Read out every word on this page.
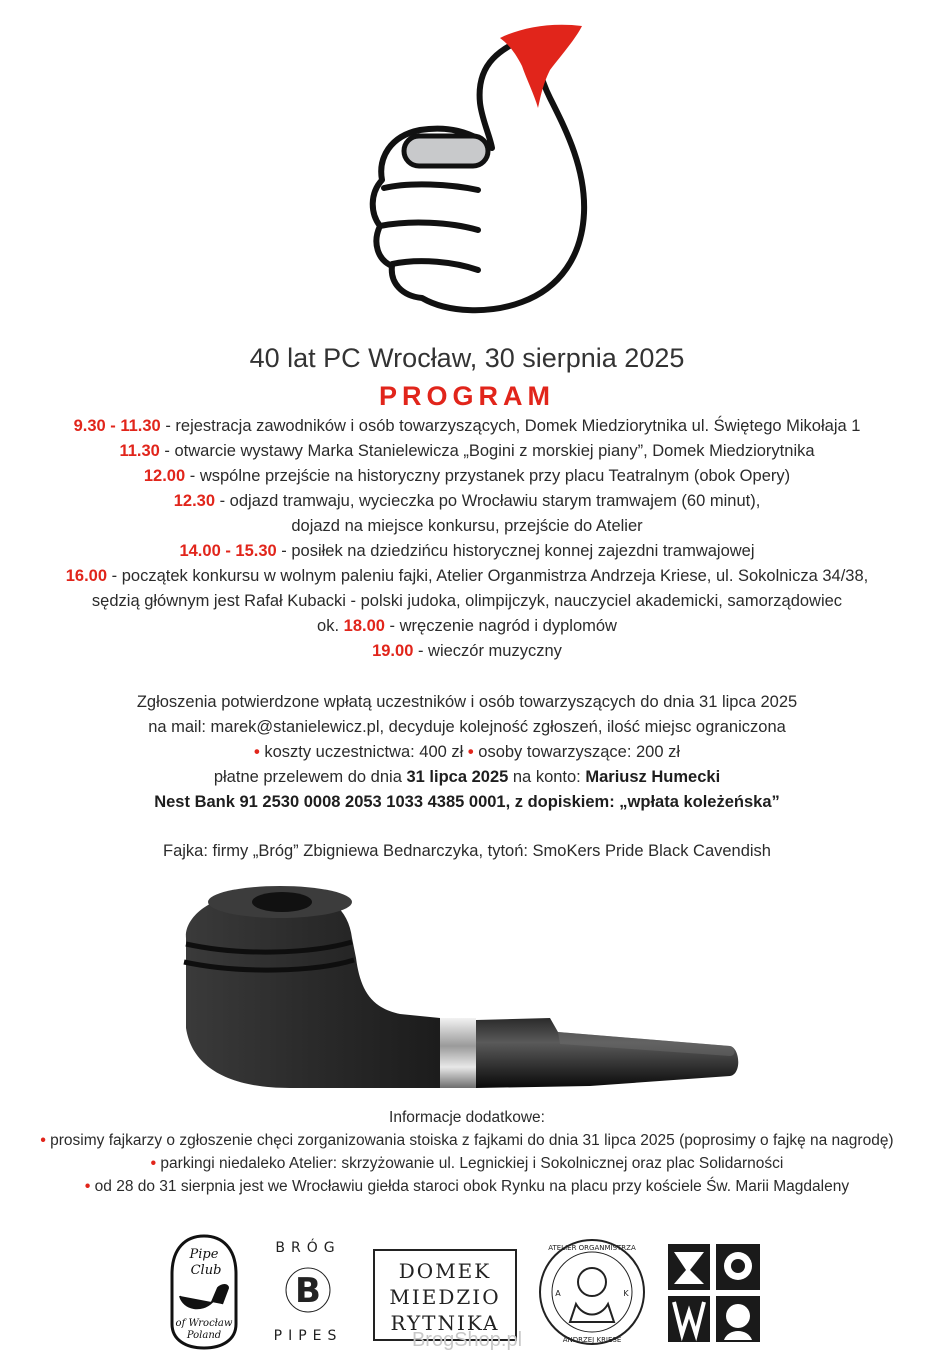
40 lat PC Wrocław, 30 sierpnia 2025
PROGRAM
9.30 - 11.30 - rejestracja zawodników i osób towarzyszących, Domek Miedziorytnika ul. Świętego Mikołaja 1
11.30 - otwarcie wystawy Marka Stanielewicza „Bogini z morskiej piany”, Domek Miedziorytnika
12.00 - wspólne przejście na historyczny przystanek przy placu Teatralnym (obok Opery)
12.30 - odjazd tramwaju, wycieczka po Wrocławiu starym tramwajem (60 minut),
dojazd na miejsce konkursu, przejście do Atelier
14.00 - 15.30 - posiłek na dziedzińcu historycznej konnej zajezdni tramwajowej
16.00 - początek konkursu w wolnym paleniu fajki, Atelier Organmistrza Andrzeja Kriese, ul. Sokolnicza 34/38,
sędzią głównym jest Rafał Kubacki - polski judoka, olimpijczyk, nauczyciel akademicki, samorządowiec
ok. 18.00 - wręczenie nagród i dyplomów
19.00 - wieczór muzyczny
Zgłoszenia potwierdzone wpłatą uczestników i osób towarzyszących do dnia 31 lipca 2025
na mail: marek@stanielewicz.pl, decyduje kolejność zgłoszeń, ilość miejsc ograniczona
• koszty uczestnictwa: 400 zł • osoby towarzyszące: 200 zł
płatne przelewem do dnia 31 lipca 2025 na konto: Mariusz Humecki
Nest Bank 91 2530 0008 2053 1033 4385 0001, z dopiskiem: „wpłata koleżeńska”
Fajka: firmy „Bróg” Zbigniewa Bednarczyka, tytoń: SmoKers Pride Black Cavendish
Informacje dodatkowe:
• prosimy fajkarzy o zgłoszenie chęci zorganizowania stoiska z fajkami do dnia 31 lipca 2025 (poprosimy o fajkę na nagrodę)
• parkingi niedaleko Atelier: skrzyżowanie ul. Legnickiej i Sokolnicznej oraz plac Solidarności
• od 28 do 31 sierpnia jest we Wrocławiu giełda staroci obok Rynku na placu przy kościele Św. Marii Magdaleny
Pipe
Club
of Wrocław
Poland
BRÓG
B
PIPES
DOMEK
MIEDZIO
RYTNIKA
ATELIER ORGANMISTRZA
ANDRZEJ KRIESE
A	K
BrogShop.pl
